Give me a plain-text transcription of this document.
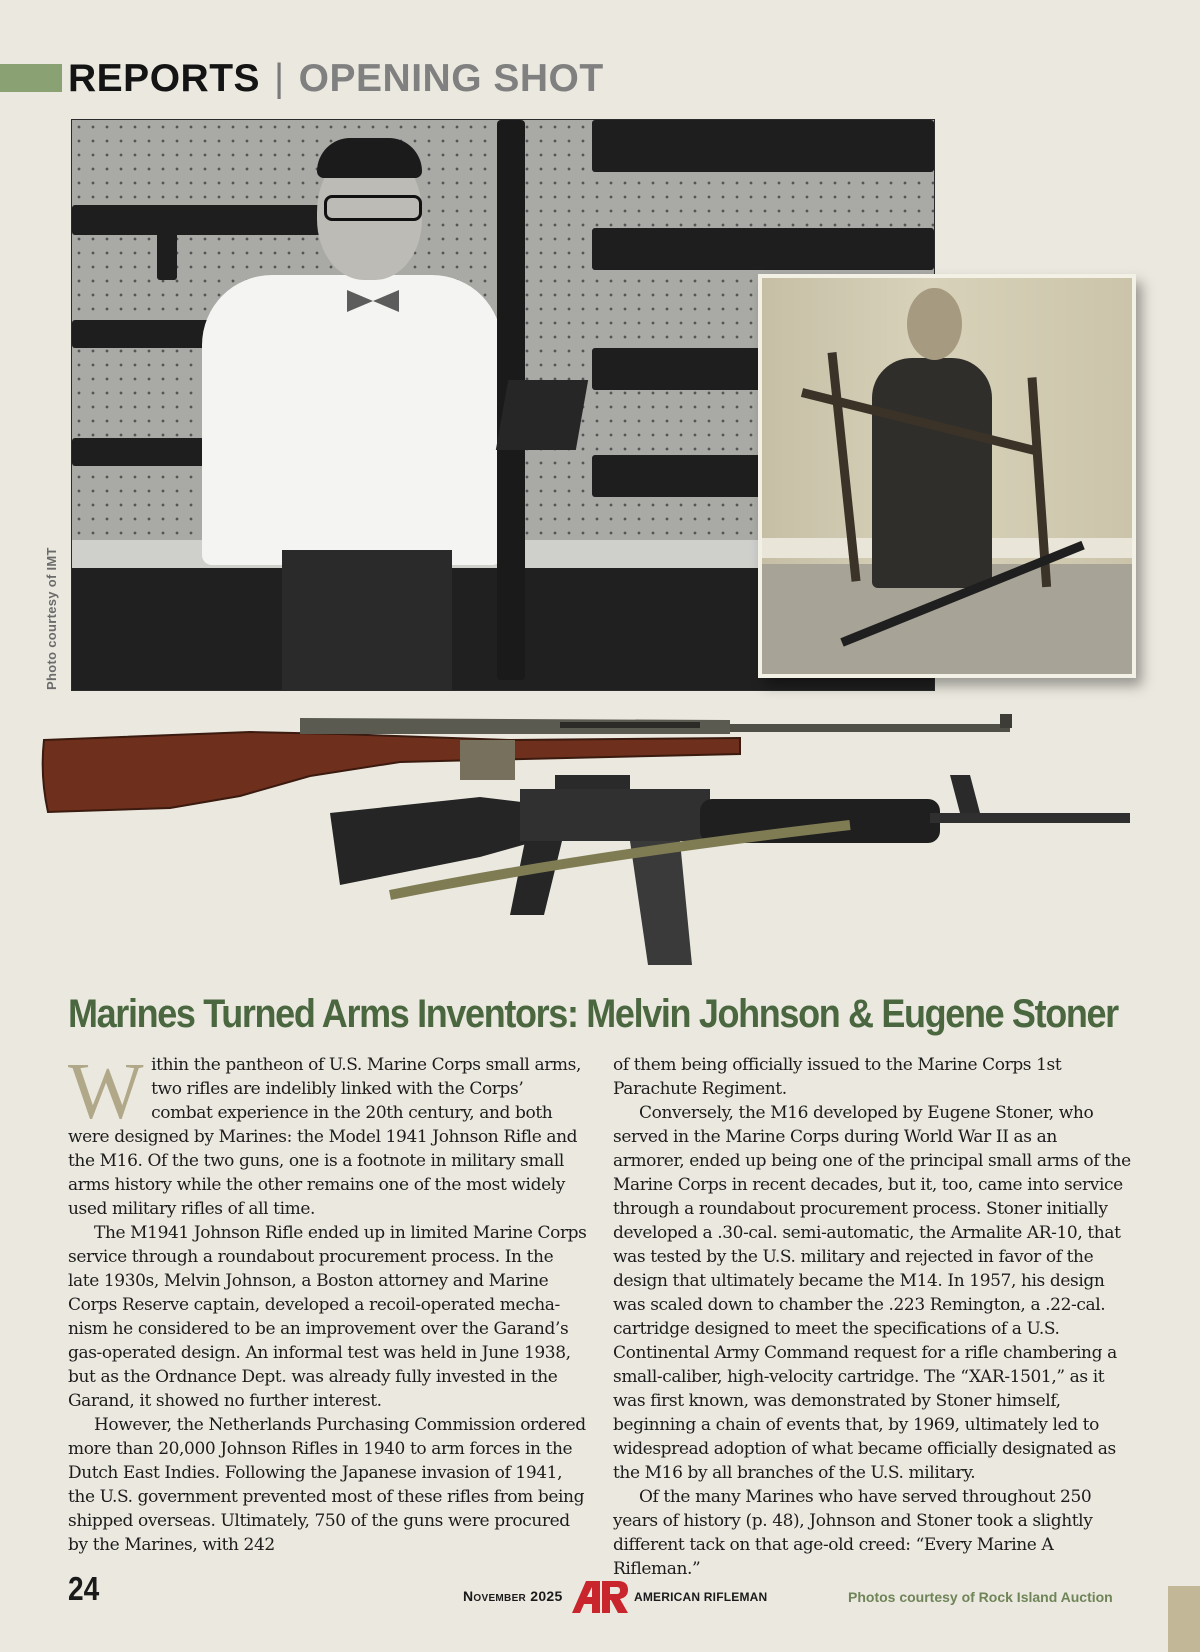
REPORTS | OPENING SHOT
Photo courtesy of IMT
Marines Turned Arms Inventors: Melvin Johnson & Eugene Stoner

Within the pantheon of U.S. Marine Corps small arms, two rifles are indelibly linked with the Corps’ combat experience in the 20th century, and both were designed by Marines: the Model 1941 Johnson Rifle and the M16. Of the two guns, one is a footnote in military small arms history while the other remains one of the most widely used military rifles of all time.

The M1941 Johnson Rifle ended up in limited Marine Corps service through a roundabout procurement process. In the late 1930s, Melvin Johnson, a Boston attorney and Marine Corps Reserve captain, developed a recoil-operated mechanism he considered to be an improvement over the Garand’s gas-operated design. An informal test was held in June 1938, but as the Ordnance Dept. was already fully invested in the Garand, it showed no further interest.

However, the Netherlands Purchasing Commission ordered more than 20,000 Johnson Rifles in 1940 to arm forces in the Dutch East Indies. Following the Japanese invasion of 1941, the U.S. government prevented most of these rifles from being shipped overseas. Ultimately, 750 of the guns were procured by the Marines, with 242

of them being officially issued to the Marine Corps 1st Parachute Regiment.

Conversely, the M16 developed by Eugene Stoner, who served in the Marine Corps during World War II as an armorer, ended up being one of the principal small arms of the Marine Corps in recent decades, but it, too, came into service through a roundabout procurement process. Stoner initially developed a .30-cal. semi-automatic, the Armalite AR-10, that was tested by the U.S. military and rejected in favor of the design that ultimately became the M14. In 1957, his design was scaled down to chamber the .223 Remington, a .22-cal. cartridge designed to meet the specifications of a U.S. Continental Army Command request for a rifle chambering a small-caliber, high-velocity cartridge. The “XAR-1501,” as it was first known, was demonstrated by Stoner himself, beginning a chain of events that, by 1969, ultimately led to widespread adoption of what became officially designated as the M16 by all branches of the U.S. military.

Of the many Marines who have served throughout 250 years of history (p. 48), Johnson and Stoner took a slightly different tack on that age-old creed: “Every Marine A Rifleman.”

24	November 2025	AR	AMERICAN RIFLEMAN	Photos courtesy of Rock Island Auction
